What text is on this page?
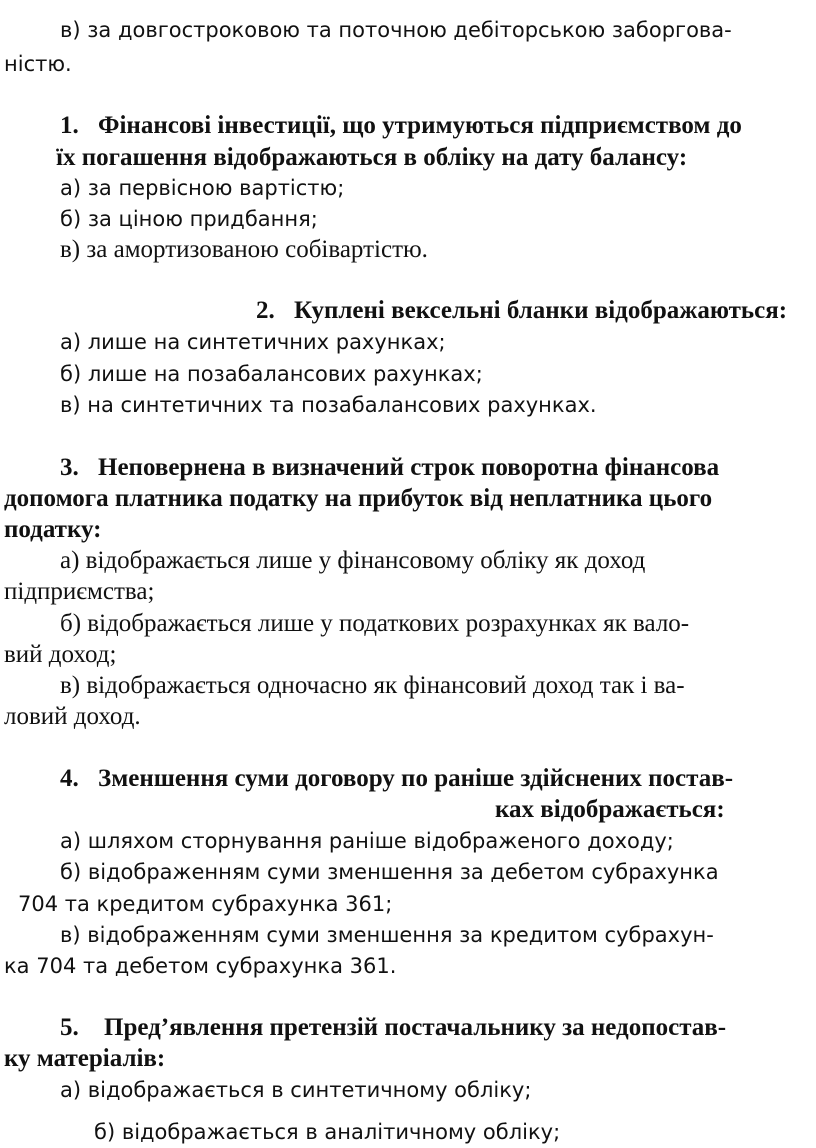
в) за довгостроковою та поточною дебіторською заборгова-

ністю.

1. Фінансові інвестиції, що утримуються підприємством до

їх погашення відображаються в обліку на дату балансу:

а) за первісною вартістю;

б) за ціною придбання;

в) за амортизованою собівартістю.

2. Куплені вексельні бланки відображаються:

а) лише на синтетичних рахунках;

б) лише на позабалансових рахунках;

в) на синтетичних та позабалансових рахунках.

3. Неповернена в визначений строк поворотна фінансова

допомога платника податку на прибуток від неплатника цього

податку:

а) відображається лише у фінансовому обліку як доход

підприємства;

б) відображається лише у податкових розрахунках як вало-

вий доход;

в) відображається одночасно як фінансовий доход так і ва-

ловий доход.

4. Зменшення суми договору по раніше здійснених постав-

ках відображається:

а) шляхом сторнування раніше відображеного доходу;

б) відображенням суми зменшення за дебетом субрахунка

704 та кредитом субрахунка 361;

в) відображенням суми зменшення за кредитом субрахун-

ка 704 та дебетом субрахунка 361.

5. Пред’явлення претензій постачальнику за недопостав-

ку матеріалів:

а) відображається в синтетичному обліку;

б) відображається в аналітичному обліку;
